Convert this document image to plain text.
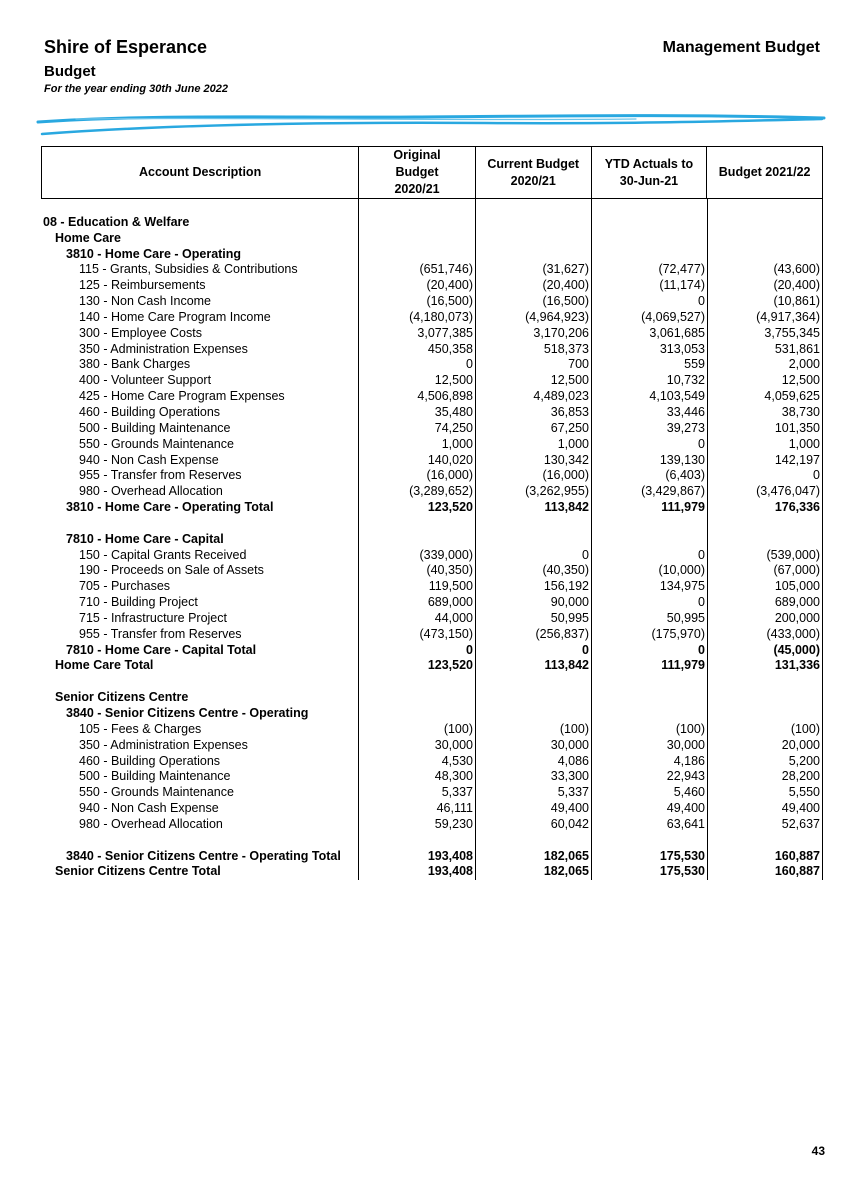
Shire of Esperance	Management Budget
Budget
For the year ending 30th June 2022
Account Description
Original Budget 2020/21
Current Budget 2020/21
YTD Actuals to 30-Jun-21
Budget 2021/22
08 - Education & Welfare
Home Care
3810 - Home Care - Operating
115 - Grants, Subsidies & Contributions
125 - Reimbursements
130 - Non Cash Income
140 - Home Care Program Income
300 - Employee Costs
350 - Administration Expenses
380 - Bank Charges
400 - Volunteer Support
425 - Home Care Program Expenses
460 - Building Operations
500 - Building Maintenance
550 - Grounds Maintenance
940 - Non Cash Expense
955 - Transfer from Reserves
980 - Overhead Allocation
3810 - Home Care - Operating Total
7810 - Home Care - Capital
150 - Capital Grants Received
190 - Proceeds on Sale of Assets
705 - Purchases
710 - Building Project
715 - Infrastructure Project
955 - Transfer from Reserves
7810 - Home Care - Capital Total
Home Care Total
Senior Citizens Centre
3840 - Senior Citizens Centre - Operating
105 - Fees & Charges
350 - Administration Expenses
460 - Building Operations
500 - Building Maintenance
550 - Grounds Maintenance
940 - Non Cash Expense
980 - Overhead Allocation
3840 - Senior Citizens Centre - Operating Total
Senior Citizens Centre Total
(651,746)
(20,400)
(16,500)
(4,180,073)
3,077,385
450,358
0
12,500
4,506,898
35,480
74,250
1,000
140,020
(16,000)
(3,289,652)
123,520
(339,000)
(40,350)
119,500
689,000
44,000
(473,150)
0
123,520
(100)
30,000
4,530
48,300
5,337
46,111
59,230
193,408
193,408
(31,627)
(20,400)
(16,500)
(4,964,923)
3,170,206
518,373
700
12,500
4,489,023
36,853
67,250
1,000
130,342
(16,000)
(3,262,955)
113,842
0
(40,350)
156,192
90,000
50,995
(256,837)
0
113,842
(100)
30,000
4,086
33,300
5,337
49,400
60,042
182,065
182,065
(72,477)
(11,174)
0
(4,069,527)
3,061,685
313,053
559
10,732
4,103,549
33,446
39,273
0
139,130
(6,403)
(3,429,867)
111,979
0
(10,000)
134,975
0
50,995
(175,970)
0
111,979
(100)
30,000
4,186
22,943
5,460
49,400
63,641
175,530
175,530
(43,600)
(20,400)
(10,861)
(4,917,364)
3,755,345
531,861
2,000
12,500
4,059,625
38,730
101,350
1,000
142,197
0
(3,476,047)
176,336
(539,000)
(67,000)
105,000
689,000
200,000
(433,000)
(45,000)
131,336
(100)
20,000
5,200
28,200
5,550
49,400
52,637
160,887
160,887
43
